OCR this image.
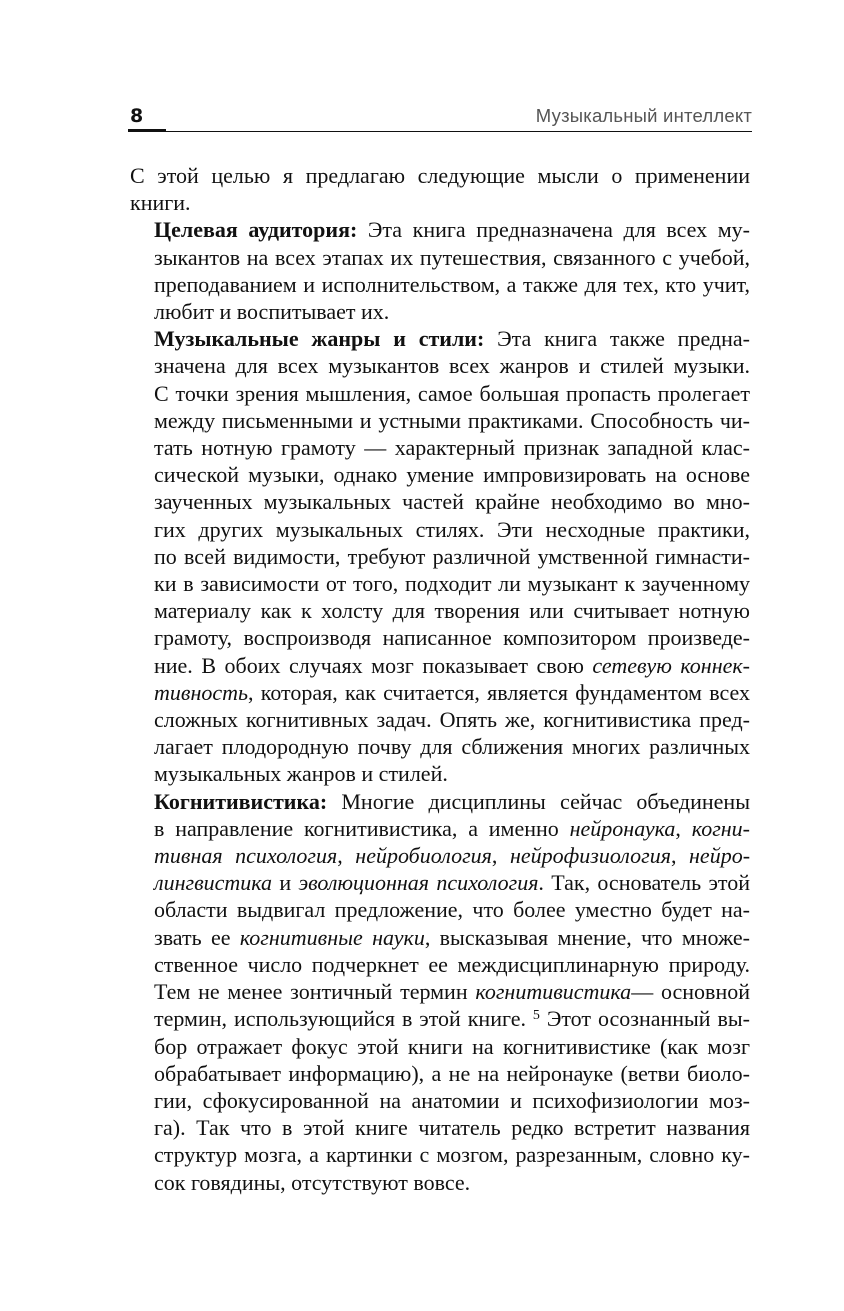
8	Музыкальный интеллект

С этой целью я предлагаю следующие мысли о применении
книги.

Целевая аудитория: Эта книга предназначена для всех му-
зыкантов на всех этапах их путешествия, связанного с учебой,
преподаванием и исполнительством, а также для тех, кто учит,
любит и воспитывает их.

Музыкальные жанры и стили: Эта книга также предна-
значена для всех музыкантов всех жанров и стилей музыки.
С точки зрения мышления, самое большая пропасть пролегает
между письменными и устными практиками. Способность чи-
тать нотную грамоту — характерный признак западной клас-
сической музыки, однако умение импровизировать на основе
заученных музыкальных частей крайне необходимо во мно-
гих других музыкальных стилях. Эти несходные практики,
по всей видимости, требуют различной умственной гимнасти-
ки в зависимости от того, подходит ли музыкант к заученному
материалу как к холсту для творения или считывает нотную
грамоту, воспроизводя написанное композитором произведе-
ние. В обоих случаях мозг показывает свою сетевую коннек-
тивность, которая, как считается, является фундаментом всех
сложных когнитивных задач. Опять же, когнитивистика пред-
лагает плодородную почву для сближения многих различных
музыкальных жанров и стилей.

Когнитивистика: Многие дисциплины сейчас объединены
в направление когнитивистика, а именно нейронаука, когни-
тивная психология, нейробиология, нейрофизиология, нейро-
лингвистика и эволюционная психология. Так, основатель этой
области выдвигал предложение, что более уместно будет на-
звать ее когнитивные науки, высказывая мнение, что множе-
ственное число подчеркнет ее междисциплинарную природу.
Тем не менее зонтичный термин когнитивистика— основной
термин, использующийся в этой книге. $^5$ Этот осознанный вы-
бор отражает фокус этой книги на когнитивистике (как мозг
обрабатывает информацию), а не на нейронауке (ветви биоло-
гии, сфокусированной на анатомии и психофизиологии моз-
га). Так что в этой книге читатель редко встретит названия
структур мозга, а картинки с мозгом, разрезанным, словно ку-
сок говядины, отсутствуют вовсе.
